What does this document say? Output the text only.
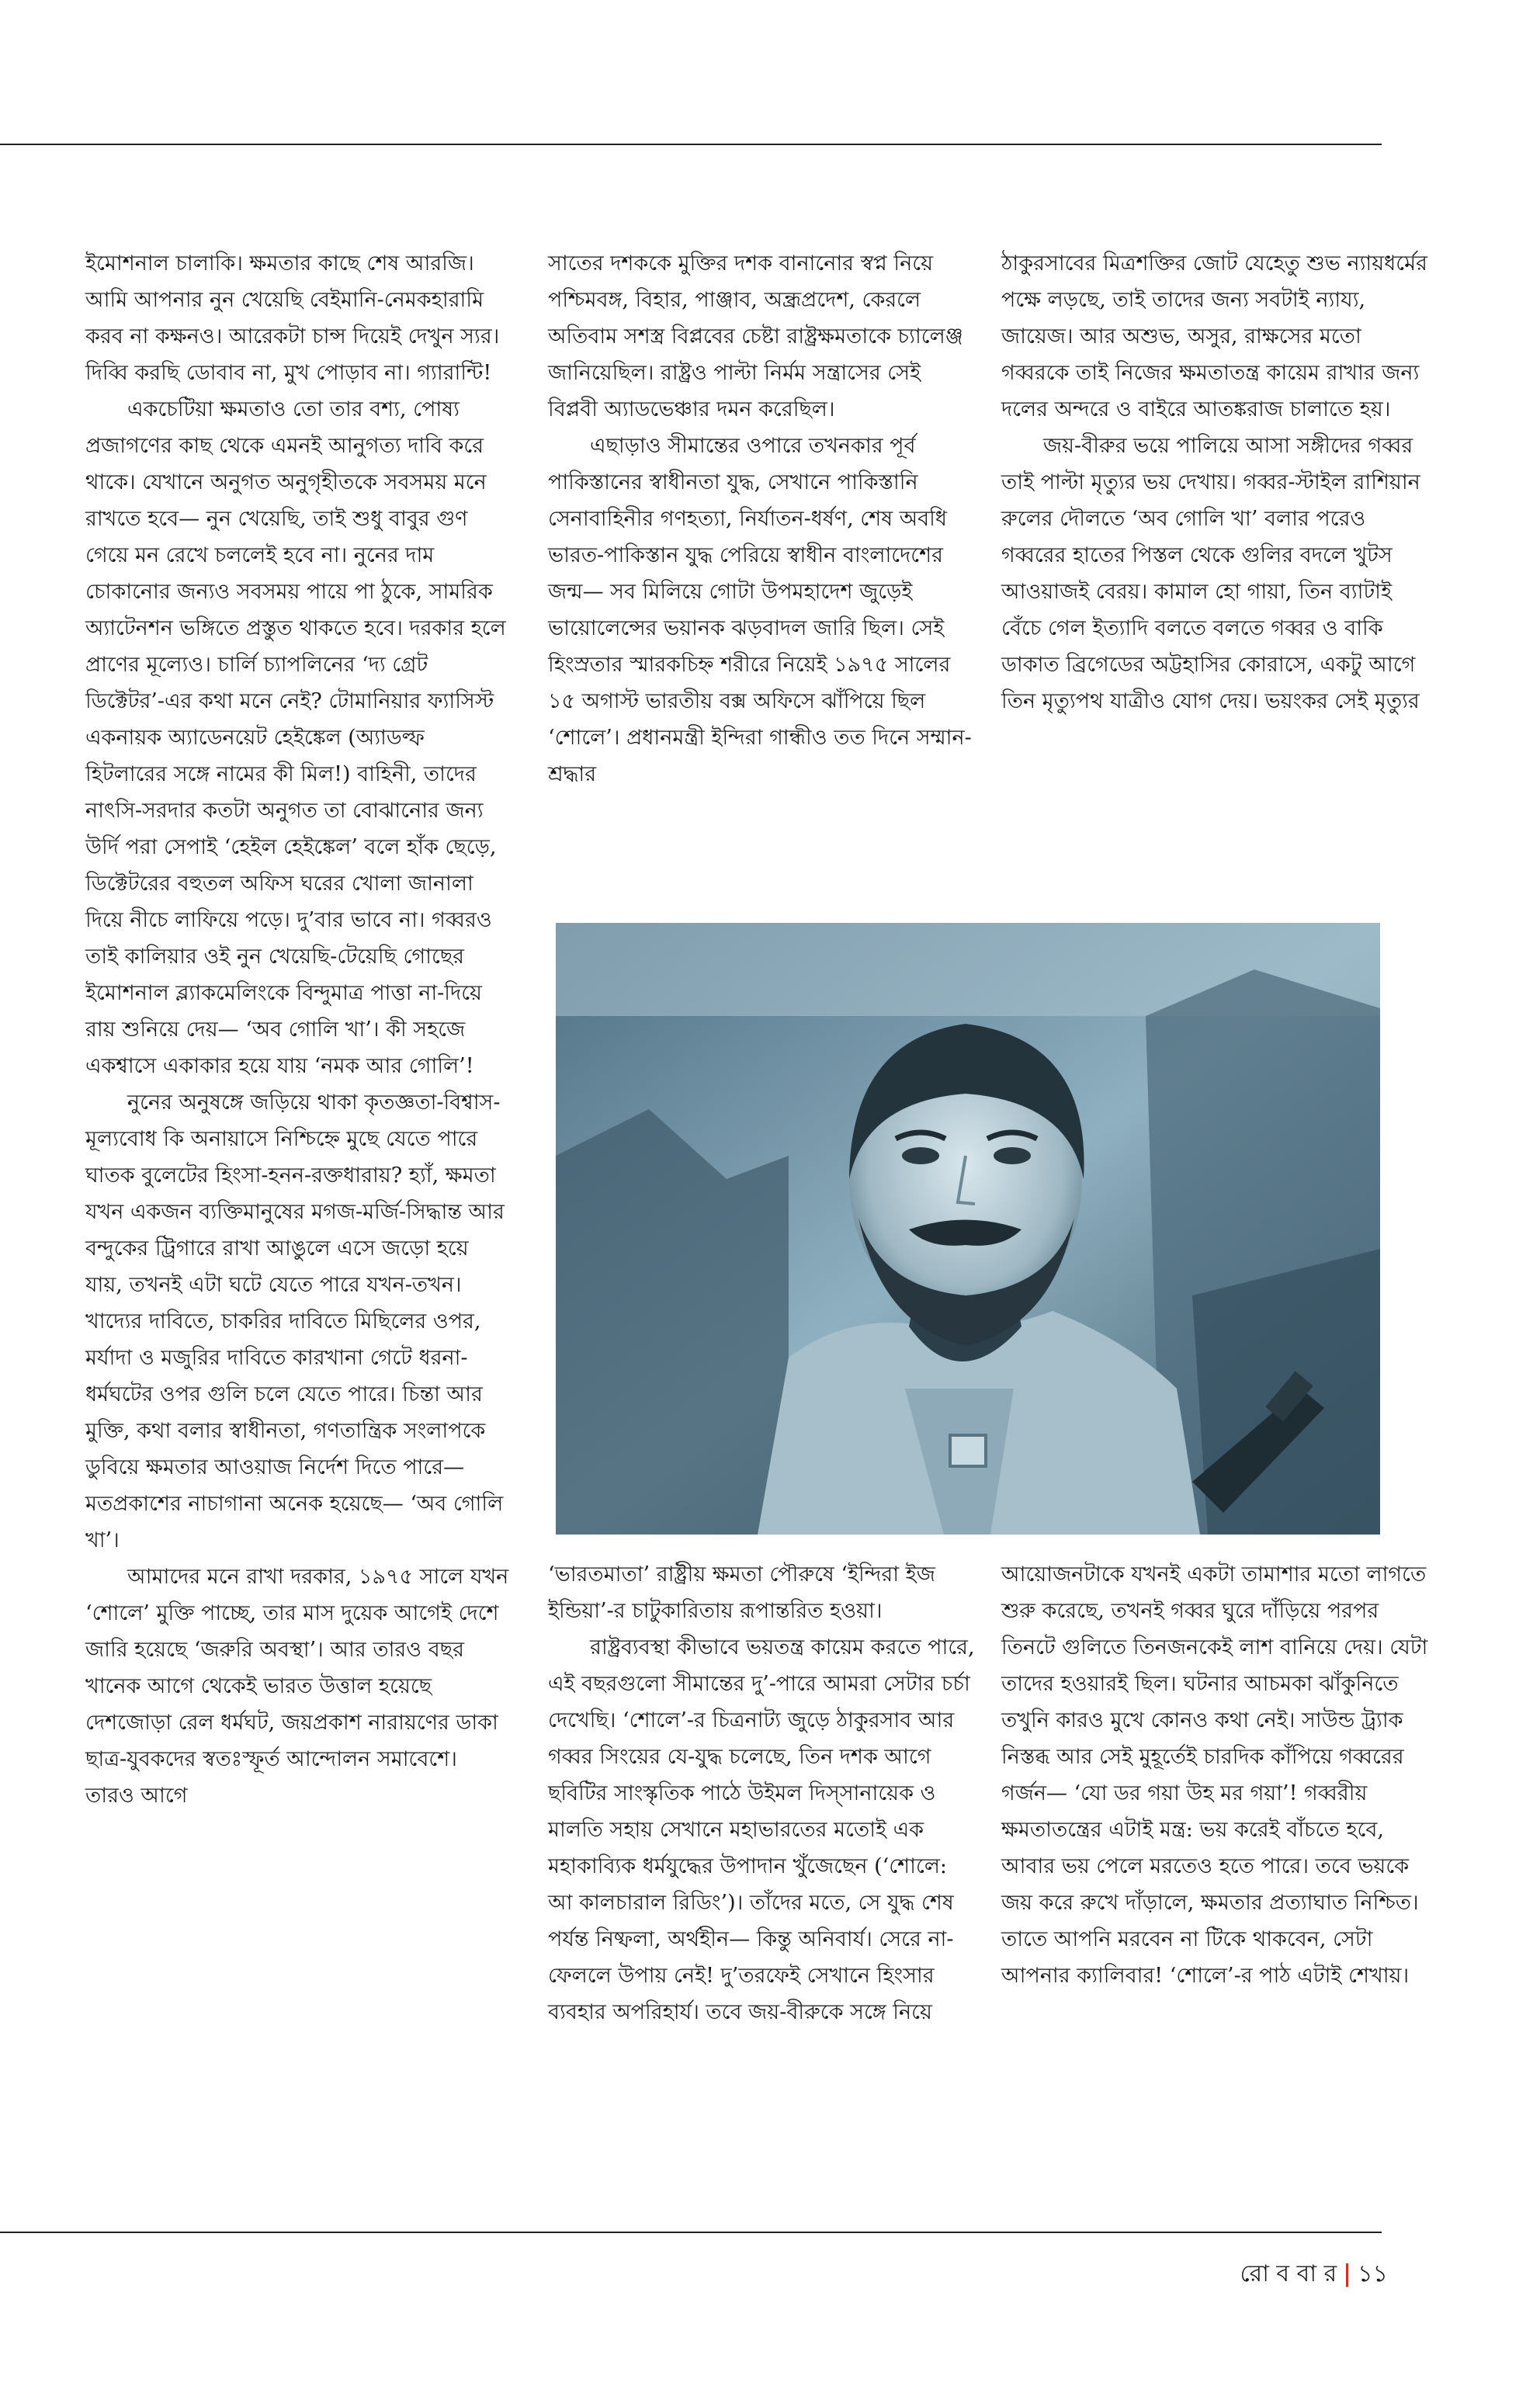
ইমোশনাল চালাকি। ক্ষমতার কাছে শেষ আরজি। আমি আপনার নুন খেয়েছি বেইমানি-নেমকহারামি করব না কক্ষনও। আরেকটা চান্স দিয়েই দেখুন স্যর। দিব্বি করছি ডোবাব না, মুখ পোড়াব না। গ্যারান্টি!

একচেটিয়া ক্ষমতাও তো তার বশ্য, পোষ্য প্রজাগণের কাছ থেকে এমনই আনুগত্য দাবি করে থাকে। যেখানে অনুগত অনুগৃহীতকে সবসময় মনে রাখতে হবে— নুন খেয়েছি, তাই শুধু বাবুর গুণ গেয়ে মন রেখে চললেই হবে না। নুনের দাম চোকানোর জন্যও সবসময় পায়ে পা ঠুকে, সামরিক অ্যাটেনশন ভঙ্গিতে প্রস্তুত থাকতে হবে। দরকার হলে প্রাণের মূল্যেও। চার্লি চ্যাপলিনের ‘দ্য গ্রেট ডিক্টেটর’-এর কথা মনে নেই? টোমানিয়ার ফ্যাসিস্ট একনায়ক অ্যাডেনয়েট হেইঙ্কেল (অ্যাডল্ফ হিটলারের সঙ্গে নামের কী মিল!) বাহিনী, তাদের নাৎসি-সরদার কতটা অনুগত তা বোঝানোর জন্য উর্দি পরা সেপাই ‘হেইল হেইঙ্কেল’ বলে হাঁক ছেড়ে, ডিক্টেটরের বহুতল অফিস ঘরের খোলা জানালা দিয়ে নীচে লাফিয়ে পড়ে। দু’বার ভাবে না। গব্বরও তাই কালিয়ার ওই নুন খেয়েছি-টেয়েছি গোছের ইমোশনাল ব্ল্যাকমেলিংকে বিন্দুমাত্র পাত্তা না-দিয়ে রায় শুনিয়ে দেয়— ‘অব গোলি খা’। কী সহজে একশ্বাসে একাকার হয়ে যায় ‘নমক আর গোলি’!

নুনের অনুষঙ্গে জড়িয়ে থাকা কৃতজ্ঞতা-বিশ্বাস-মূল্যবোধ কি অনায়াসে নিশ্চিহ্নে মুছে যেতে পারে ঘাতক বুলেটের হিংসা-হনন-রক্তধারায়? হ্যাঁ, ক্ষমতা যখন একজন ব্যক্তিমানুষের মগজ-মর্জি-সিদ্ধান্ত আর বন্দুকের ট্রিগারে রাখা আঙুলে এসে জড়ো হয়ে যায়, তখনই এটা ঘটে যেতে পারে যখন-তখন। খাদ্যের দাবিতে, চাকরির দাবিতে মিছিলের ওপর, মর্যাদা ও মজুরির দাবিতে কারখানা গেটে ধরনা-ধর্মঘটের ওপর গুলি চলে যেতে পারে। চিন্তা আর মুক্তি, কথা বলার স্বাধীনতা, গণতান্ত্রিক সংলাপকে ডুবিয়ে ক্ষমতার আওয়াজ নির্দেশ দিতে পারে— মতপ্রকাশের নাচাগানা অনেক হয়েছে— ‘অব গোলি খা’।

আমাদের মনে রাখা দরকার, ১৯৭৫ সালে যখন ‘শোলে’ মুক্তি পাচ্ছে, তার মাস দুয়েক আগেই দেশে জারি হয়েছে ‘জরুরি অবস্থা’। আর তারও বছর খানেক আগে থেকেই ভারত উত্তাল হয়েছে দেশজোড়া রেল ধর্মঘট, জয়প্রকাশ নারায়ণের ডাকা ছাত্র-যুবকদের স্বতঃস্ফূর্ত আন্দোলন সমাবেশে। তারও আগে

সাতের দশককে মুক্তির দশক বানানোর স্বপ্ন নিয়ে পশ্চিমবঙ্গ, বিহার, পাঞ্জাব, অন্ধ্রপ্রদেশ, কেরলে অতিবাম সশস্ত্র বিপ্লবের চেষ্টা রাষ্ট্রক্ষমতাকে চ্যালেঞ্জ জানিয়েছিল। রাষ্ট্রও পাল্টা নির্মম সন্ত্রাসের সেই বিপ্লবী অ্যাডভেঞ্চার দমন করেছিল।

এছাড়াও সীমান্তের ওপারে তখনকার পূর্ব পাকিস্তানের স্বাধীনতা যুদ্ধ, সেখানে পাকিস্তানি সেনাবাহিনীর গণহত্যা, নির্যাতন-ধর্ষণ, শেষ অবধি ভারত-পাকিস্তান যুদ্ধ পেরিয়ে স্বাধীন বাংলাদেশের জন্ম— সব মিলিয়ে গোটা উপমহাদেশ জুড়েই ভায়োলেন্সের ভয়ানক ঝড়বাদল জারি ছিল। সেই হিংস্রতার স্মারকচিহ্ন শরীরে নিয়েই ১৯৭৫ সালের ১৫ অগাস্ট ভারতীয় বক্স অফিসে ঝাঁপিয়ে ছিল ‘শোলে’। প্রধানমন্ত্রী ইন্দিরা গান্ধীও তত দিনে সম্মান-শ্রদ্ধার

ঠাকুরসাবের মিত্রশক্তির জোট যেহেতু শুভ ন্যায়ধর্মের পক্ষে লড়ছে, তাই তাদের জন্য সবটাই ন্যায্য, জায়েজ। আর অশুভ, অসুর, রাক্ষসের মতো গব্বরকে তাই নিজের ক্ষমতাতন্ত্র কায়েম রাখার জন্য দলের অন্দরে ও বাইরে আতঙ্করাজ চালাতে হয়।

জয়-বীরুর ভয়ে পালিয়ে আসা সঙ্গীদের গব্বর তাই পাল্টা মৃত্যুর ভয় দেখায়। গব্বর-স্টাইল রাশিয়ান রুলের দৌলতে ‘অব গোলি খা’ বলার পরেও গব্বরের হাতের পিস্তল থেকে গুলির বদলে খুটস আওয়াজই বেরয়। কামাল হো গায়া, তিন ব্যাটাই বেঁচে গেল ইত্যাদি বলতে বলতে গব্বর ও বাকি ডাকাত ব্রিগেডের অট্টহাসির কোরাসে, একটু আগে তিন মৃত্যুপথ যাত্রীও যোগ দেয়। ভয়ংকর সেই মৃত্যুর

‘ভারতমাতা’ রাষ্ট্রীয় ক্ষমতা পৌরুষে ‘ইন্দিরা ইজ ইন্ডিয়া’-র চাটুকারিতায় রূপান্তরিত হওয়া।

রাষ্ট্রব্যবস্থা কীভাবে ভয়তন্ত্র কায়েম করতে পারে, এই বছরগুলো সীমান্তের দু’-পারে আমরা সেটার চর্চা দেখেছি। ‘শোলে’-র চিত্রনাট্য জুড়ে ঠাকুরসাব আর গব্বর সিংয়ের যে-যুদ্ধ চলেছে, তিন দশক আগে ছবিটির সাংস্কৃতিক পাঠে উইমল দিস্সানায়েক ও মালতি সহায় সেখানে মহাভারতের মতোই এক মহাকাব্যিক ধর্মযুদ্ধের উপাদান খুঁজেছেন (‘শোলে: আ কালচারাল রিডিং’)। তাঁদের মতে, সে যুদ্ধ শেষ পর্যন্ত নিষ্ফলা, অর্থহীন— কিন্তু অনিবার্য। সেরে না-ফেললে উপায় নেই! দু’তরফেই সেখানে হিংসার ব্যবহার অপরিহার্য। তবে জয়-বীরুকে সঙ্গে নিয়ে

আয়োজনটাকে যখনই একটা তামাশার মতো লাগতে শুরু করেছে, তখনই গব্বর ঘুরে দাঁড়িয়ে পরপর তিনটে গুলিতে তিনজনকেই লাশ বানিয়ে দেয়। যেটা তাদের হওয়ারই ছিল। ঘটনার আচমকা ঝাঁকুনিতে তখুনি কারও মুখে কোনও কথা নেই। সাউন্ড ট্র্যাক নিস্তব্ধ আর সেই মুহূর্তেই চারদিক কাঁপিয়ে গব্বরের গর্জন— ‘যো ডর গয়া উহ মর গয়া’! গব্বরীয় ক্ষমতাতন্ত্রের এটাই মন্ত্র: ভয় করেই বাঁচতে হবে, আবার ভয় পেলে মরতেও হতে পারে। তবে ভয়কে জয় করে রুখে দাঁড়ালে, ক্ষমতার প্রত্যাঘাত নিশ্চিত। তাতে আপনি মরবেন না টিকে থাকবেন, সেটা আপনার ক্যালিবার! ‘শোলে’-র পাঠ এটাই শেখায়।

রো ব বা র | ১১
